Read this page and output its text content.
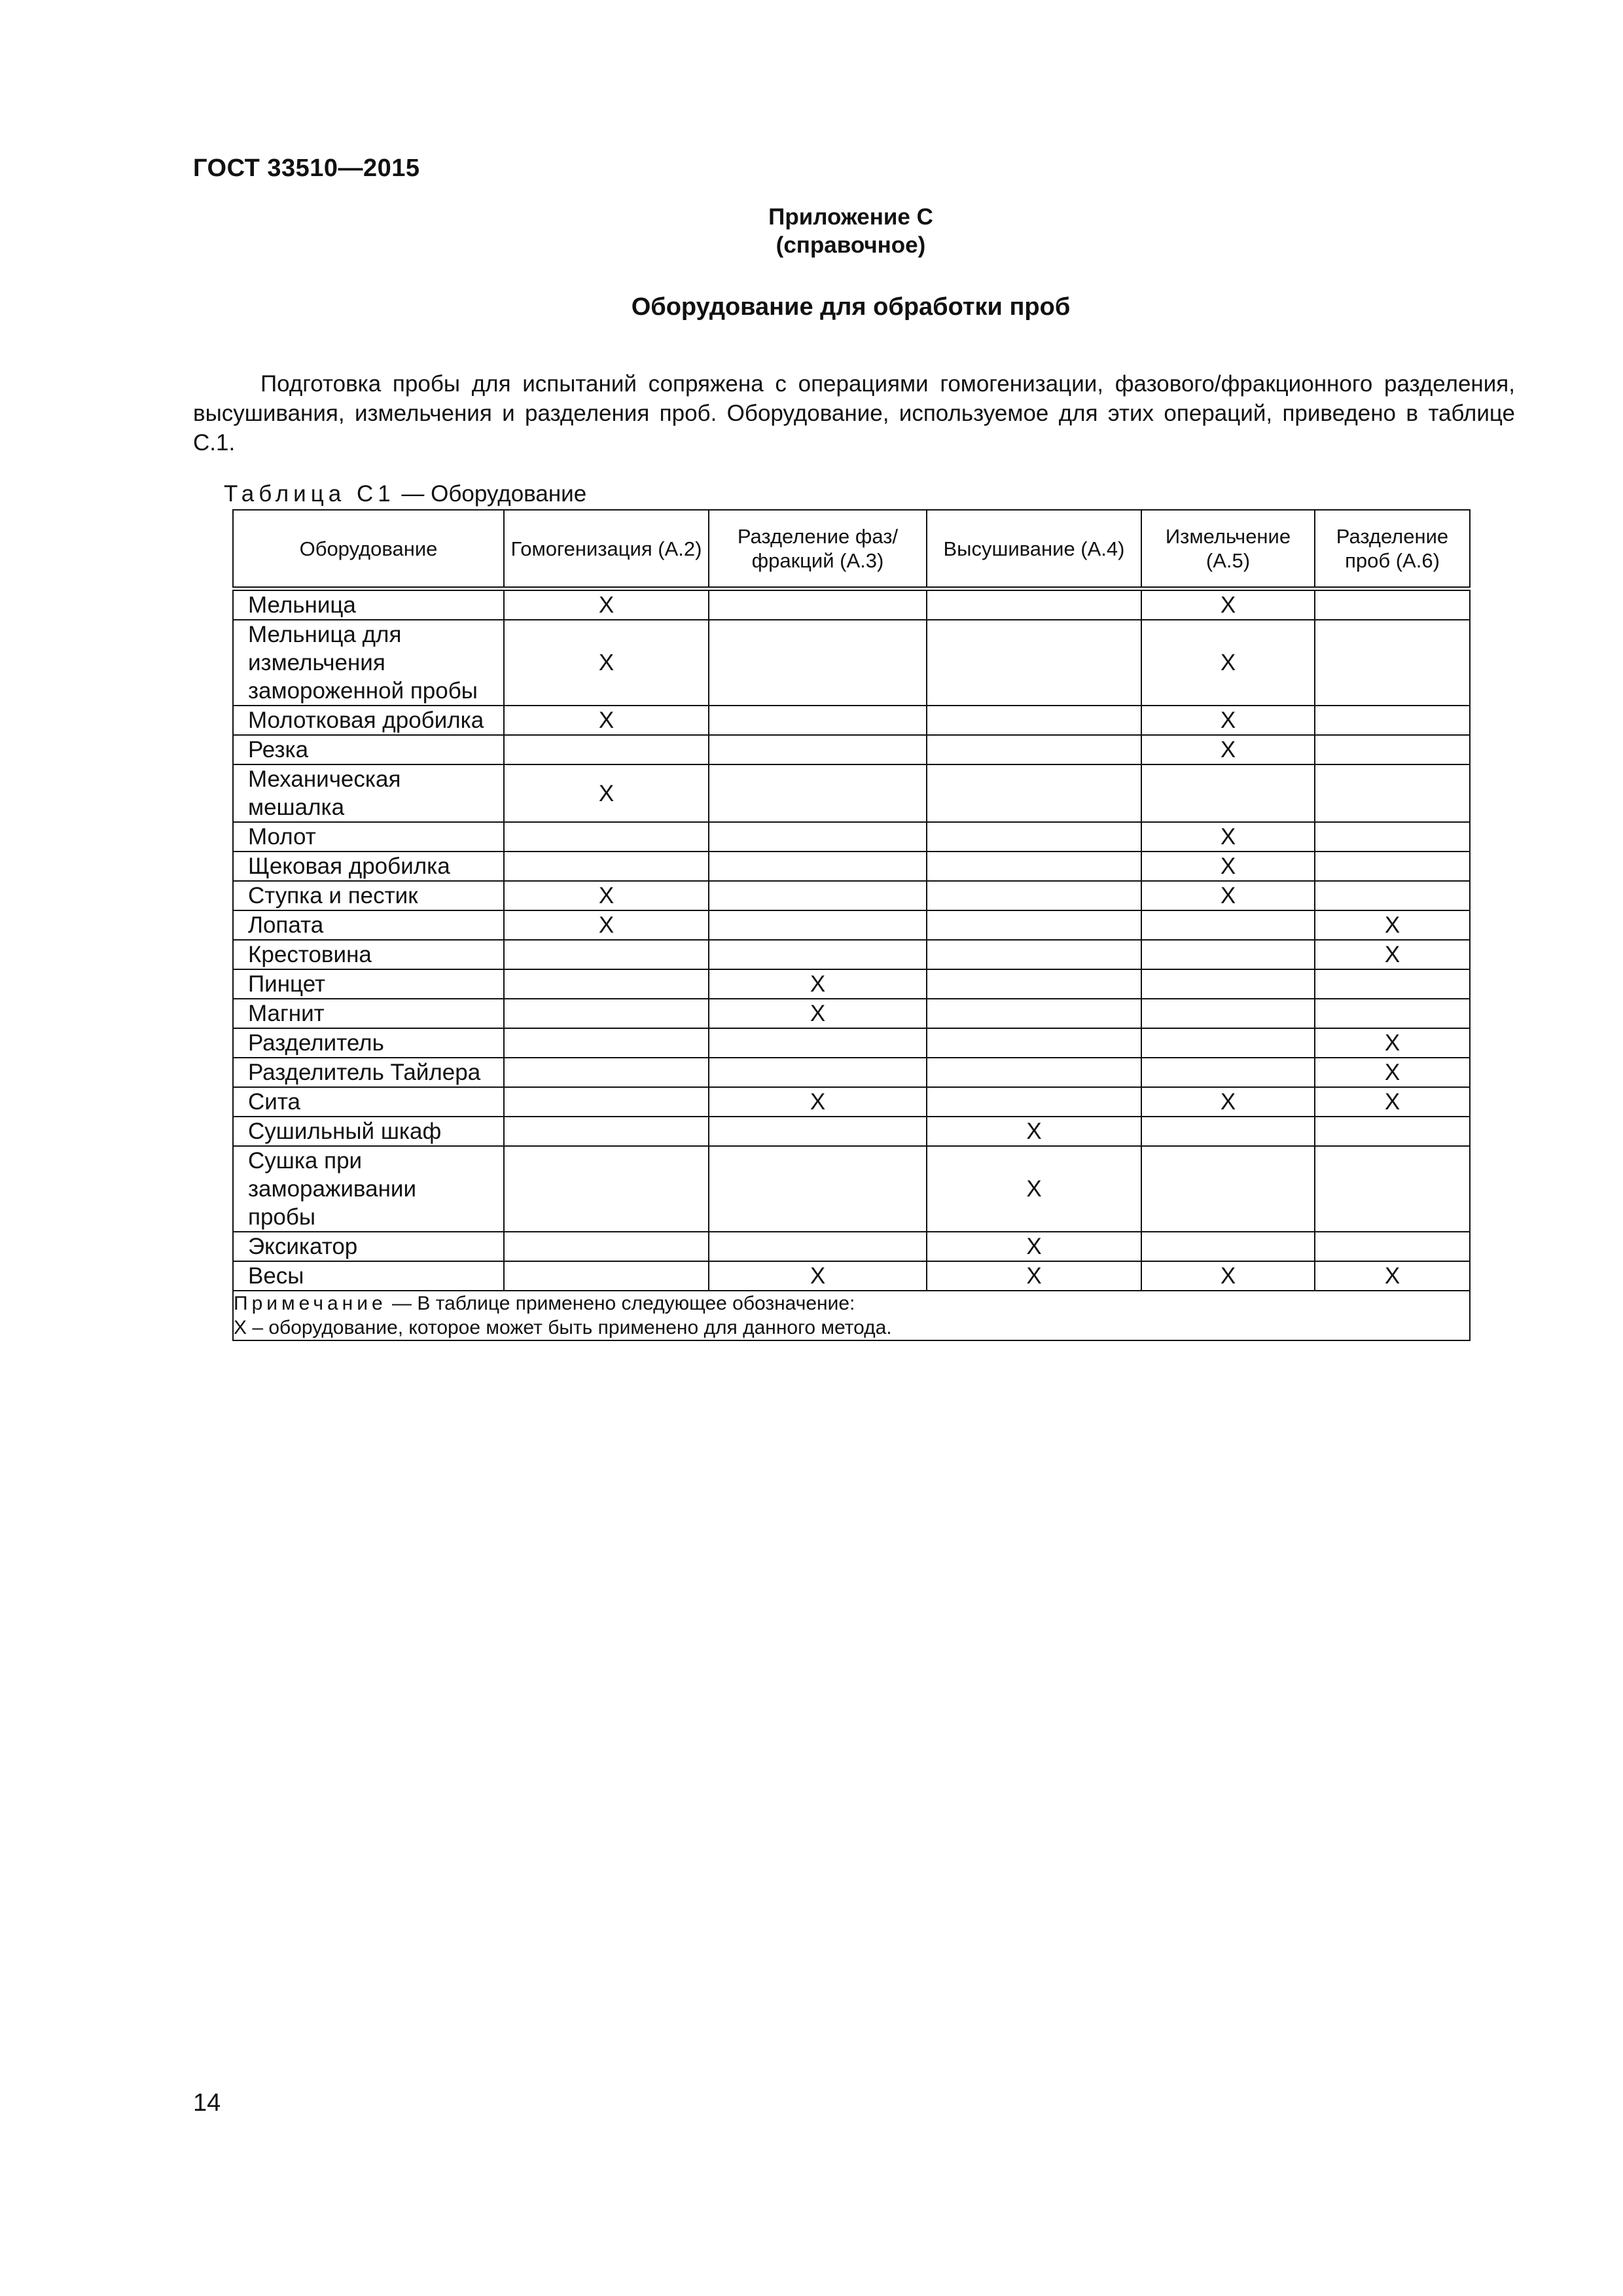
ГОСТ 33510—2015
Приложение С
(справочное)
Оборудование для обработки проб

Подготовка пробы для испытаний сопряжена с операциями гомогенизации, фазового/фракционного разделения, высушивания, измельчения и разделения проб. Оборудование, используемое для этих операций, приведено в таблице С.1.

Таблица С1 — Оборудование
Оборудование	Гомогенизация (А.2)	Разделение фаз/ фракций (А.3)	Высушивание (А.4)	Измельчение (А.5)	Разделение проб (А.6)
Мельница	X			X	
Мельница для измельчения замороженной пробы	X			X	
Молотковая дробилка	X			X	
Резка				X	
Механическая мешалка	X				
Молот				X	
Щековая дробилка				X	
Ступка и пестик	X			X	
Лопата	X				X
Крестовина					X
Пинцет		X			
Магнит		X			
Разделитель					X
Разделитель Тайлера					X
Сита		X		X	X
Сушильный шкаф			X		
Сушка при замораживании пробы			X		
Эксикатор			X		
Весы		X	X	X	X

Примечание — В таблице применено следующее обозначение:
X – оборудование, которое может быть применено для данного метода.					
14
